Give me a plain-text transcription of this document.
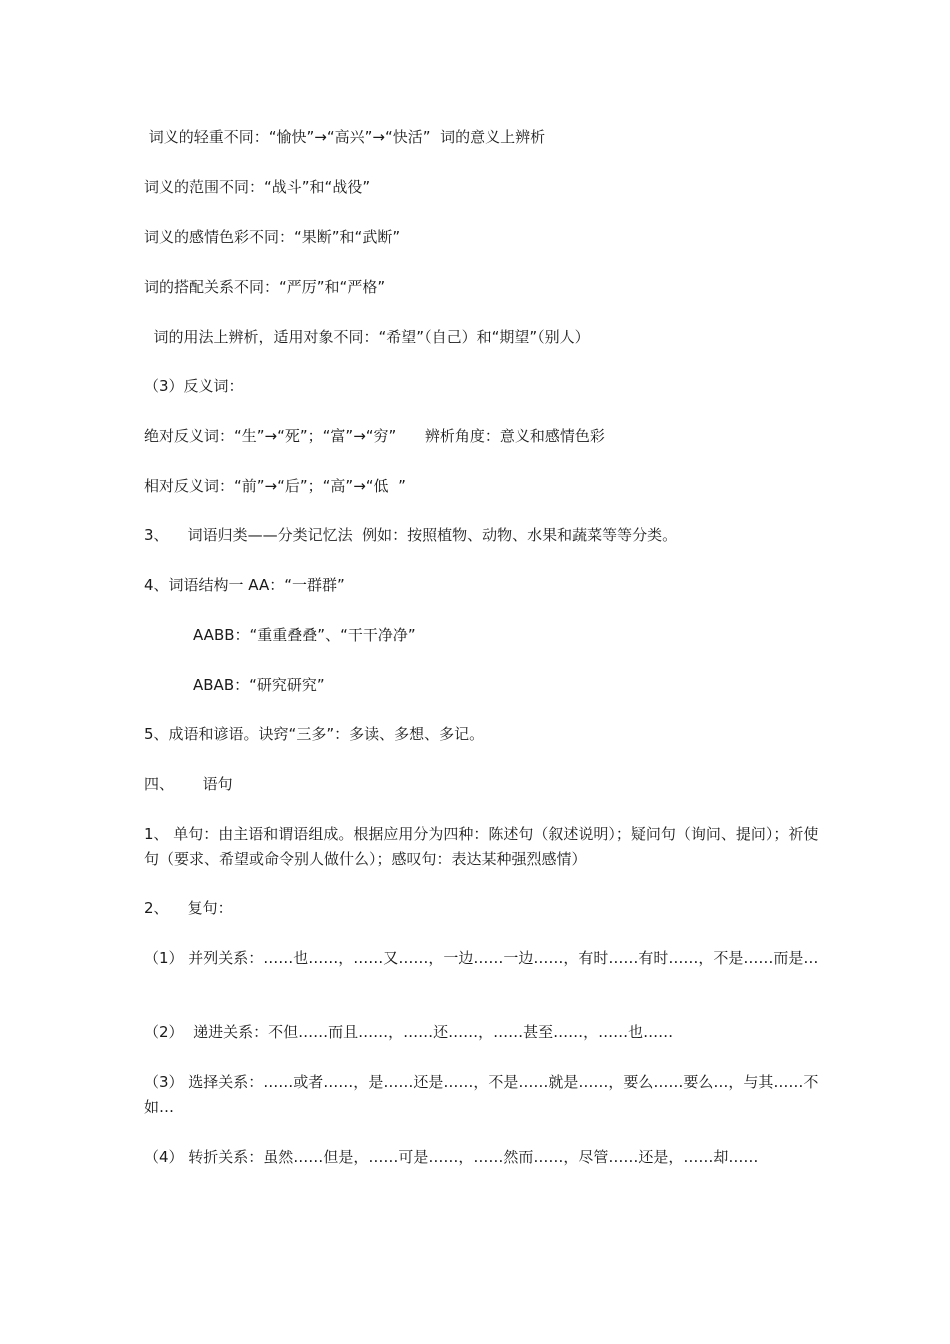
词义的轻重不同：“愉快”→“高兴”→“快活”  词的意义上辨析
词义的范围不同：“战斗”和“战役”
词义的感情色彩不同：“果断”和“武断”
词的搭配关系不同：“严厉”和“严格”
词的用法上辨析，适用对象不同：“希望”（自己）和“期望”（别人）
（3）反义词：
绝对反义词：“生”→“死”；“富”→“穷”      辨析角度：意义和感情色彩
相对反义词：“前”→“后”；“高”→“低  ”
3、    词语归类——分类记忆法  例如：按照植物、动物、水果和蔬菜等等分类。
4、词语结构一 AA：“一群群”
AABB：“重重叠叠”、“干干净净”
ABAB：“研究研究”
5、成语和谚语。诀窍“三多”：多读、多想、多记。
四、      语句
1、 单句：由主语和谓语组成。根据应用分为四种：陈述句（叙述说明）；疑问句（询问、提问）；祈使句（要求、希望或命令别人做什么）；感叹句：表达某种强烈感情）
2、    复句：
（1） 并列关系：……也……，……又……，一边……一边……，有时……有时……，不是……而是…
（2）  递进关系：不但……而且……，……还……，……甚至……，……也……
（3） 选择关系：……或者……，是……还是……，不是……就是……，要么……要么…，与其……不如…
（4） 转折关系：虽然……但是，……可是……，……然而……，尽管……还是，……却……
